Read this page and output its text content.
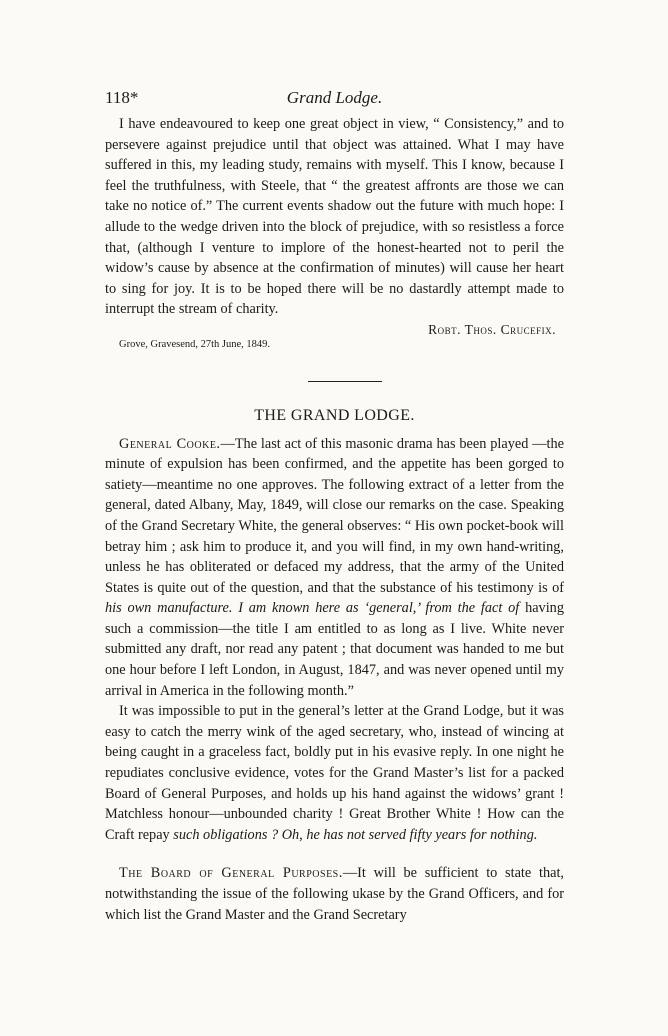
118*	Grand Lodge.

I have endeavoured to keep one great object in view, “ Consistency,” and to persevere against prejudice until that object was attained. What I may have suffered in this, my leading study, remains with myself. This I know, because I feel the truthfulness, with Steele, that “ the greatest affronts are those we can take no notice of.” The current events shadow out the future with much hope: I allude to the wedge driven into the block of prejudice, with so resistless a force that, (although I venture to implore of the honest-hearted not to peril the widow’s cause by absence at the confirmation of minutes) will cause her heart to sing for joy. It is to be hoped there will be no dastardly attempt made to interrupt the stream of charity.

Robt. Thos. Crucefix.

Grove, Gravesend, 27th June, 1849.

THE GRAND LODGE.

General Cooke.—The last act of this masonic drama has been played —the minute of expulsion has been confirmed, and the appetite has been gorged to satiety—meantime no one approves. The following extract of a letter from the general, dated Albany, May, 1849, will close our remarks on the case. Speaking of the Grand Secretary White, the general observes: “ His own pocket-book will betray him ; ask him to produce it, and you will find, in my own hand-writing, unless he has obliterated or defaced my address, that the army of the United States is quite out of the question, and that the substance of his testimony is of his own manufacture. I am known here as ‘general,’ from the fact of having such a commission—the title I am entitled to as long as I live. White never submitted any draft, nor read any patent ; that document was handed to me but one hour before I left London, in August, 1847, and was never opened until my arrival in America in the following month.”

It was impossible to put in the general’s letter at the Grand Lodge, but it was easy to catch the merry wink of the aged secretary, who, instead of wincing at being caught in a graceless fact, boldly put in his evasive reply. In one night he repudiates conclusive evidence, votes for the Grand Master’s list for a packed Board of General Purposes, and holds up his hand against the widows’ grant ! Matchless honour—unbounded charity ! Great Brother White ! How can the Craft repay such obligations ? Oh, he has not served fifty years for nothing.

The Board of General Purposes.—It will be sufficient to state that, notwithstanding the issue of the following ukase by the Grand Officers, and for which list the Grand Master and the Grand Secretary
